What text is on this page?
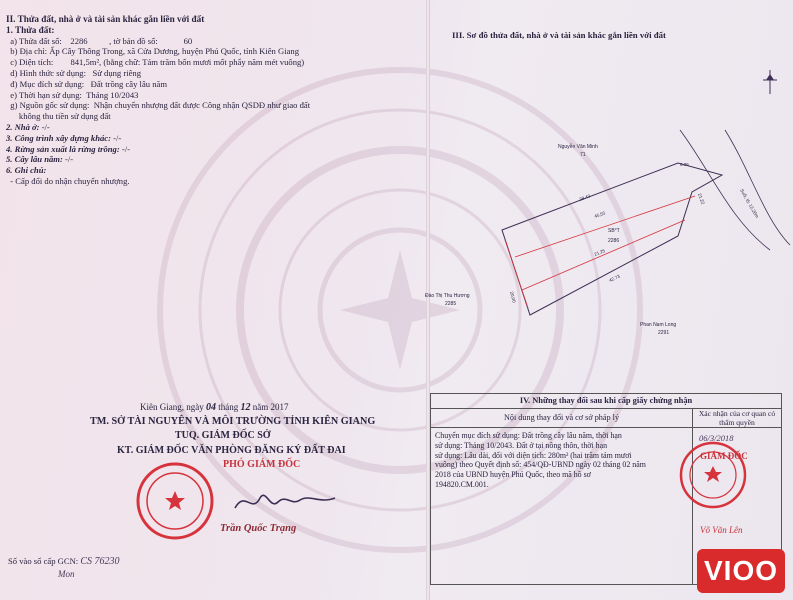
II. Thửa đất, nhà ở và tài sản khác gắn liền với đất
1. Thửa đất:
a) Thửa đất số: 2286 , tờ bản đồ số:	60
b) Địa chỉ: Ấp Cây Thông Trong, xã Cửa Dương, huyện Phú Quốc, tỉnh Kiên Giang
c) Diện tích: 841,5m², (bằng chữ: Tám trăm bốn mươi mốt phẩy năm mét vuông)
d) Hình thức sử dụng: Sử dụng riêng
đ) Mục đích sử dụng: Đất trồng cây lâu năm
e) Thời hạn sử dụng: Tháng 10/2043
g) Nguồn gốc sử dụng: Nhận chuyển nhượng đất được Công nhận QSDĐ như giao đất
không thu tiền sử dụng đất
2. Nhà ở: -/-
3. Công trình xây dựng khác: -/-
4. Rừng sản xuất là rừng trồng: -/-
5. Cây lâu năm: -/-
6. Ghi chú:
- Cấp đổi do nhận chuyển nhượng.
Kiên Giang, ngày 04 tháng 12 năm 2017
TM. SỞ TÀI NGUYÊN VÀ MÔI TRƯỜNG TỈNH KIÊN GIANG
TUQ. GIÁM ĐỐC SỞ
KT. GIÁM ĐỐC VĂN PHÒNG ĐĂNG KÝ ĐẤT ĐAI
PHÓ GIÁM ĐỐC
Trần Quốc Trạng
Số vào sổ cấp GCN: CS 76230
Mon
III. Sơ đồ thửa đất, nhà ở và tài sản khác gắn liền với đất
Nguyễn Văn Minh
71
SB°T
2286
Đào Thị Thu Hương
2285
Phan Nam Long
2291
Suối, lộ: 12,20m
38.43
20,00
42.73
45,55
21.25
6.06
21.22
IV. Những thay đổi sau khi cấp giấy chứng nhận
Nội dung thay đổi và cơ sở pháp lý
Chuyển mục đích sử dụng: Đất trồng cây lâu năm, thời hạn
sử dụng: Tháng 10/2043. Đất ở tại nông thôn, thời hạn
sử dụng: Lâu dài, đổi với diện tích: 280m² (hai trăm tám mươi
vuông) theo Quyết định số: 454/QĐ-UBND ngày 02 tháng 02 năm
2018 của UBND huyện Phú Quốc, theo mã hồ sơ
194820.CM.001.
Xác nhận của cơ quan có thẩm quyền
06/3/2018
GIÁM ĐỐC
Võ Văn Lên
VIOO
